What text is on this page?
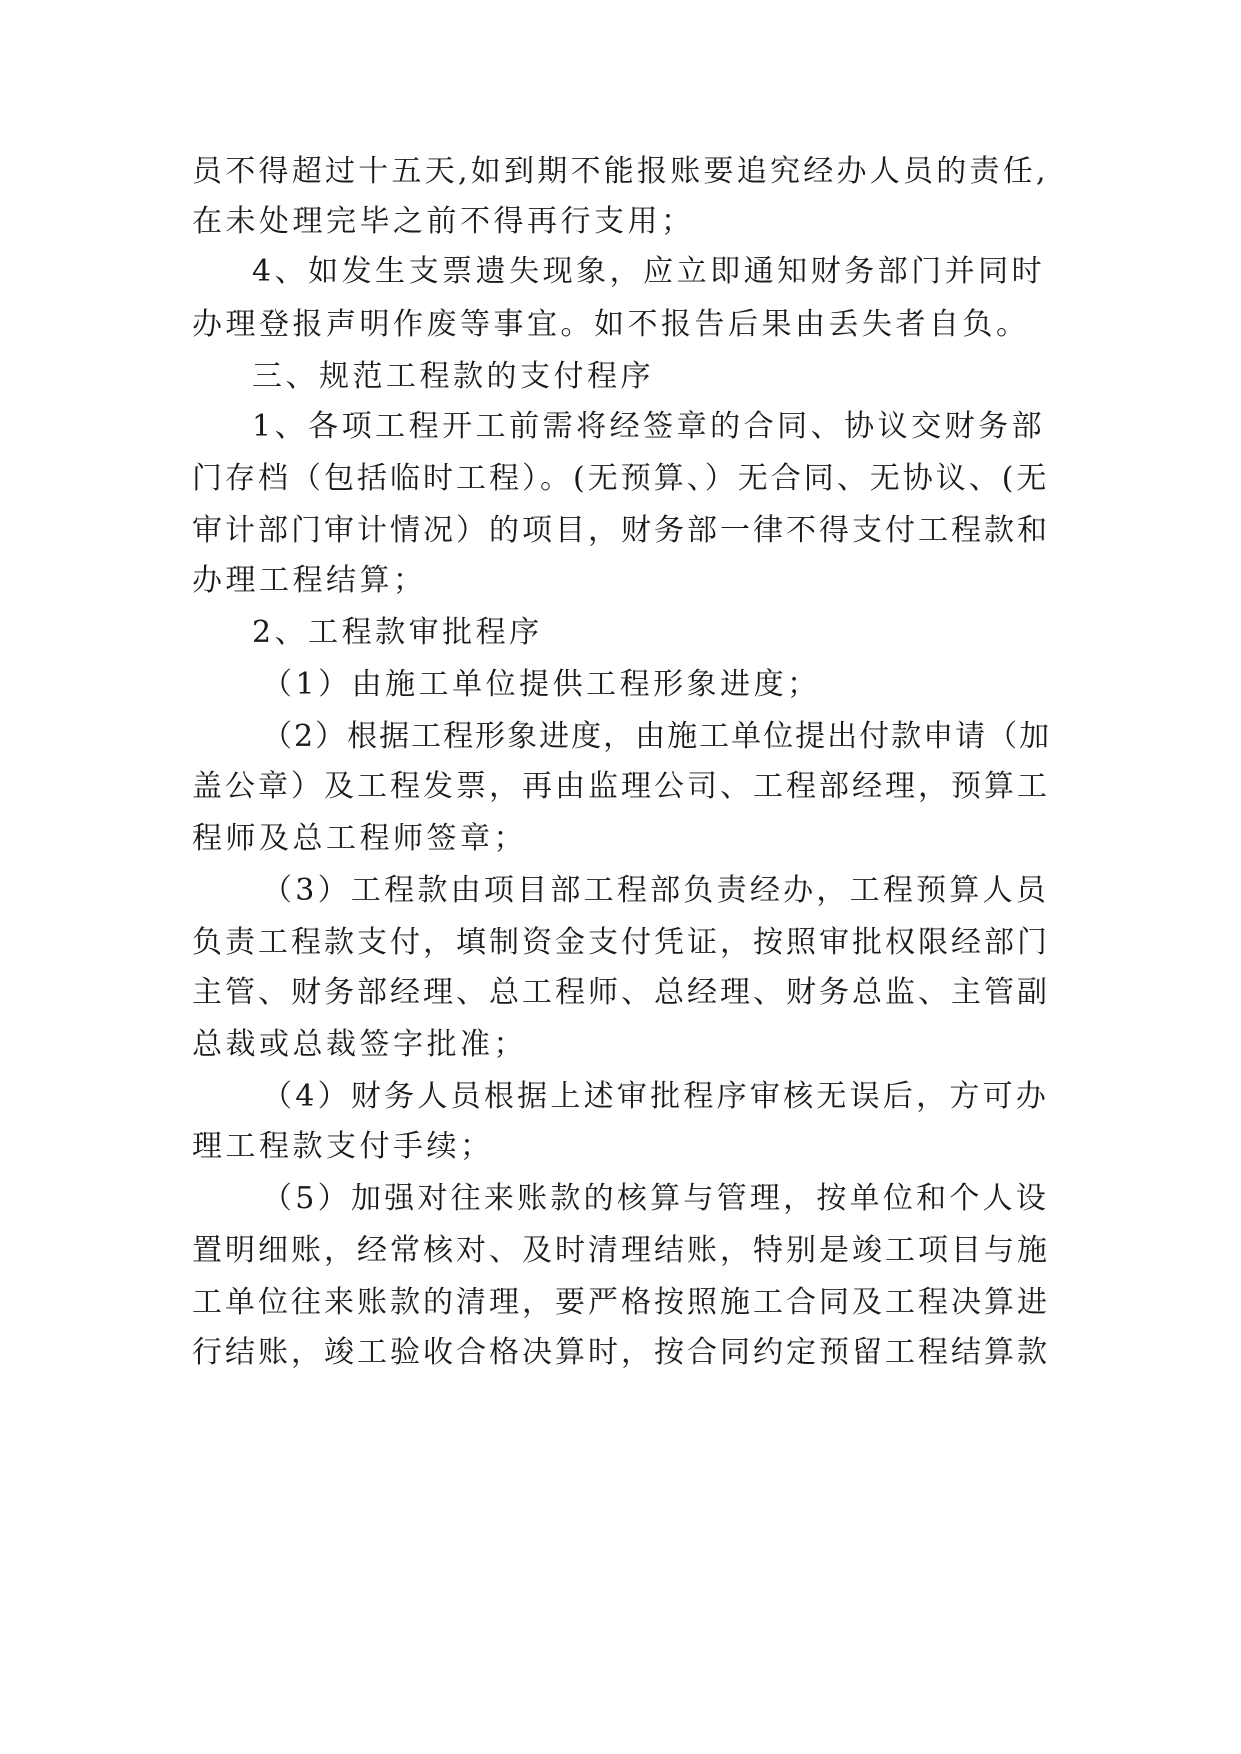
员不得超过十五天,如到期不能报账要追究经办人员的责任,

在未处理完毕之前不得再行支用；

4、如发生支票遗失现象，应立即通知财务部门并同时

办理登报声明作废等事宜。如不报告后果由丢失者自负。

三、规范工程款的支付程序

1、各项工程开工前需将经签章的合同、协议交财务部

门存档（包括临时工程）。(无预算、）无合同、无协议、(无

审计部门审计情况）的项目，财务部一律不得支付工程款和

办理工程结算；

2、工程款审批程序

（1）由施工单位提供工程形象进度；

（2）根据工程形象进度，由施工单位提出付款申请（加

盖公章）及工程发票，再由监理公司、工程部经理，预算工

程师及总工程师签章；

（3）工程款由项目部工程部负责经办，工程预算人员

负责工程款支付，填制资金支付凭证，按照审批权限经部门

主管、财务部经理、总工程师、总经理、财务总监、主管副

总裁或总裁签字批准；

（4）财务人员根据上述审批程序审核无误后，方可办

理工程款支付手续；

（5）加强对往来账款的核算与管理，按单位和个人设

置明细账，经常核对、及时清理结账，特别是竣工项目与施

工单位往来账款的清理，要严格按照施工合同及工程决算进

行结账，竣工验收合格决算时，按合同约定预留工程结算款
